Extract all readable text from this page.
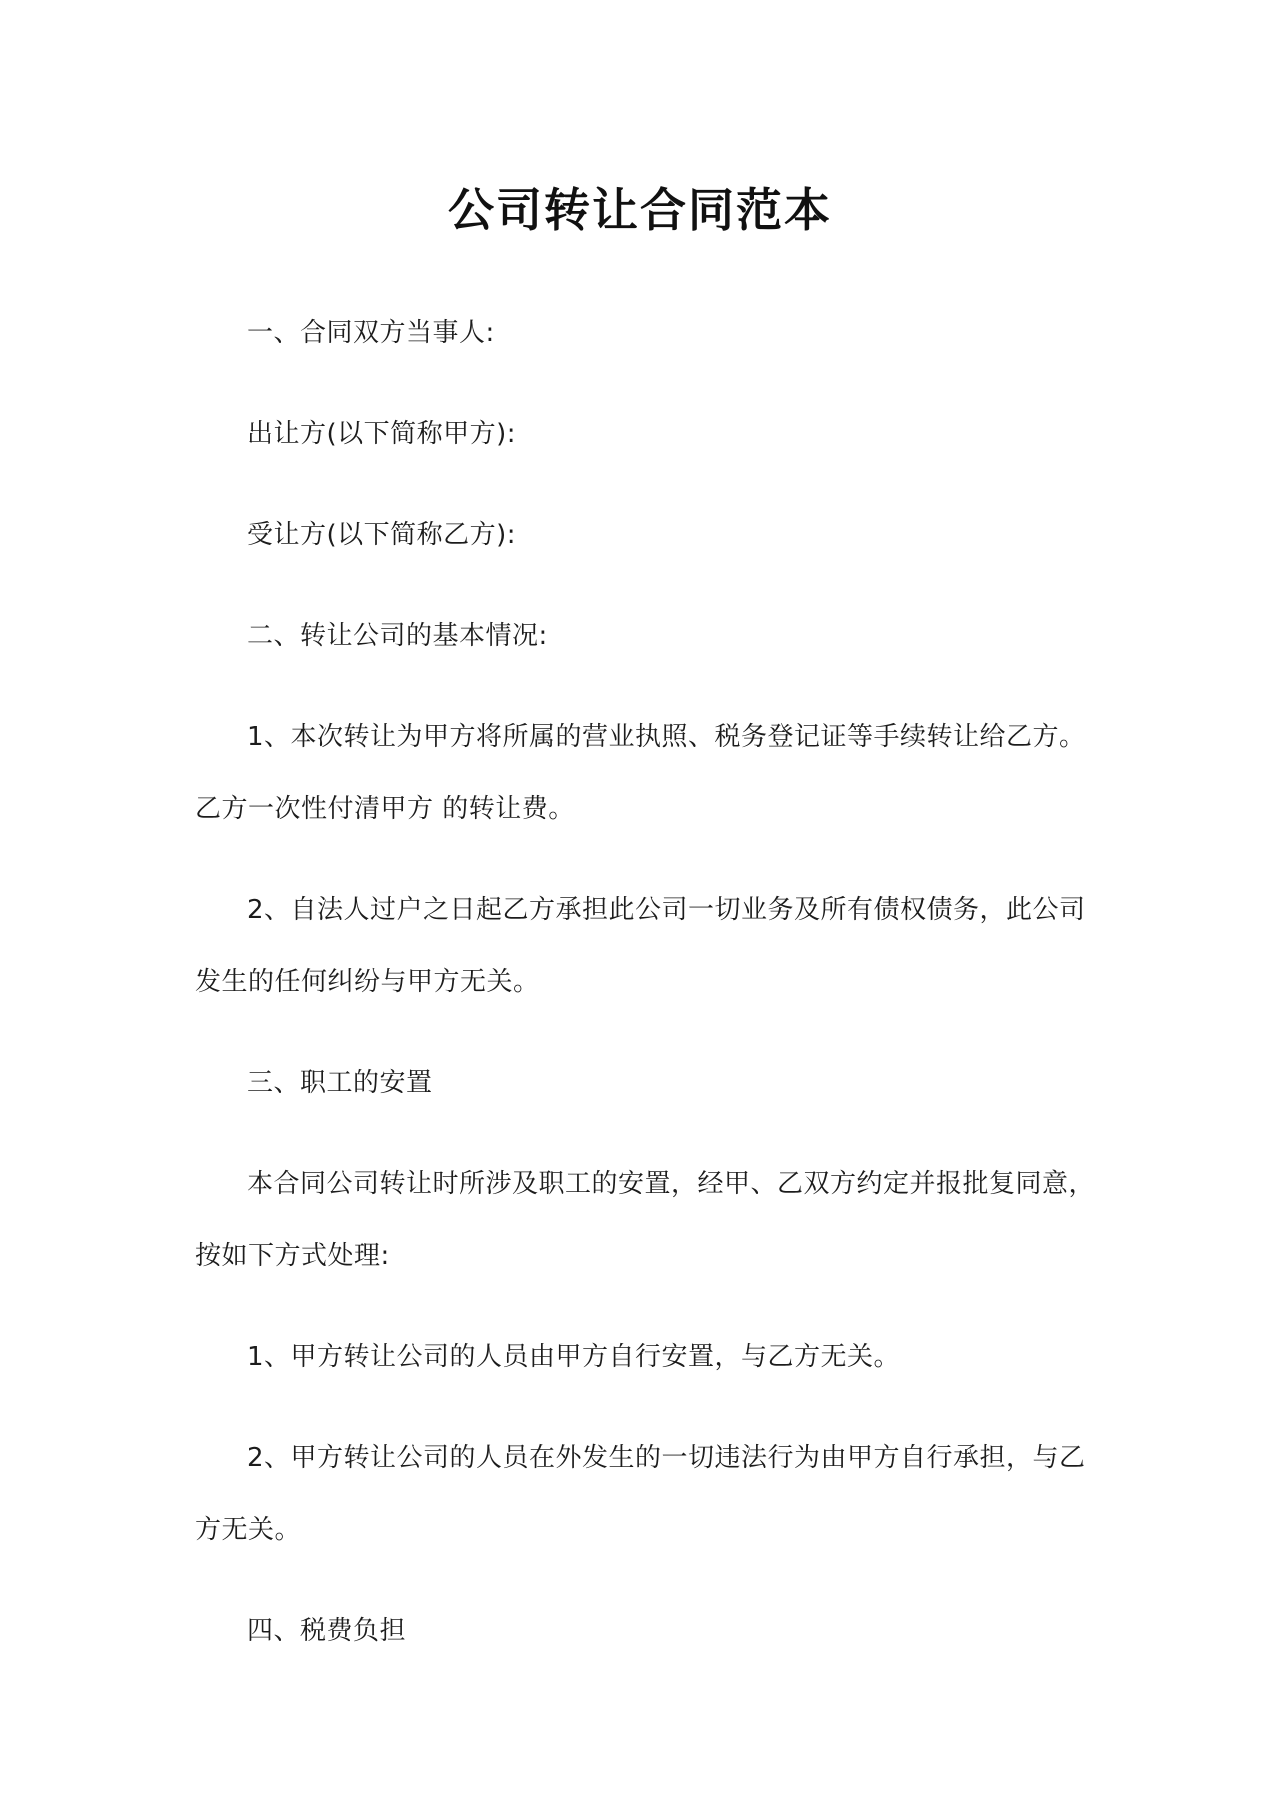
公司转让合同范本

一、合同双方当事人:

出让方(以下简称甲方):

受让方(以下简称乙方):

二、转让公司的基本情况:

1、本次转让为甲方将所属的营业执照、税务登记证等手续转让给乙方。乙方一次性付清甲方 的转让费。

2、自法人过户之日起乙方承担此公司一切业务及所有债权债务，此公司发生的任何纠纷与甲方无关。

三、职工的安置

本合同公司转让时所涉及职工的安置，经甲、乙双方约定并报批复同意，按如下方式处理:

1、甲方转让公司的人员由甲方自行安置，与乙方无关。

2、甲方转让公司的人员在外发生的一切违法行为由甲方自行承担，与乙方无关。

四、税费负担
